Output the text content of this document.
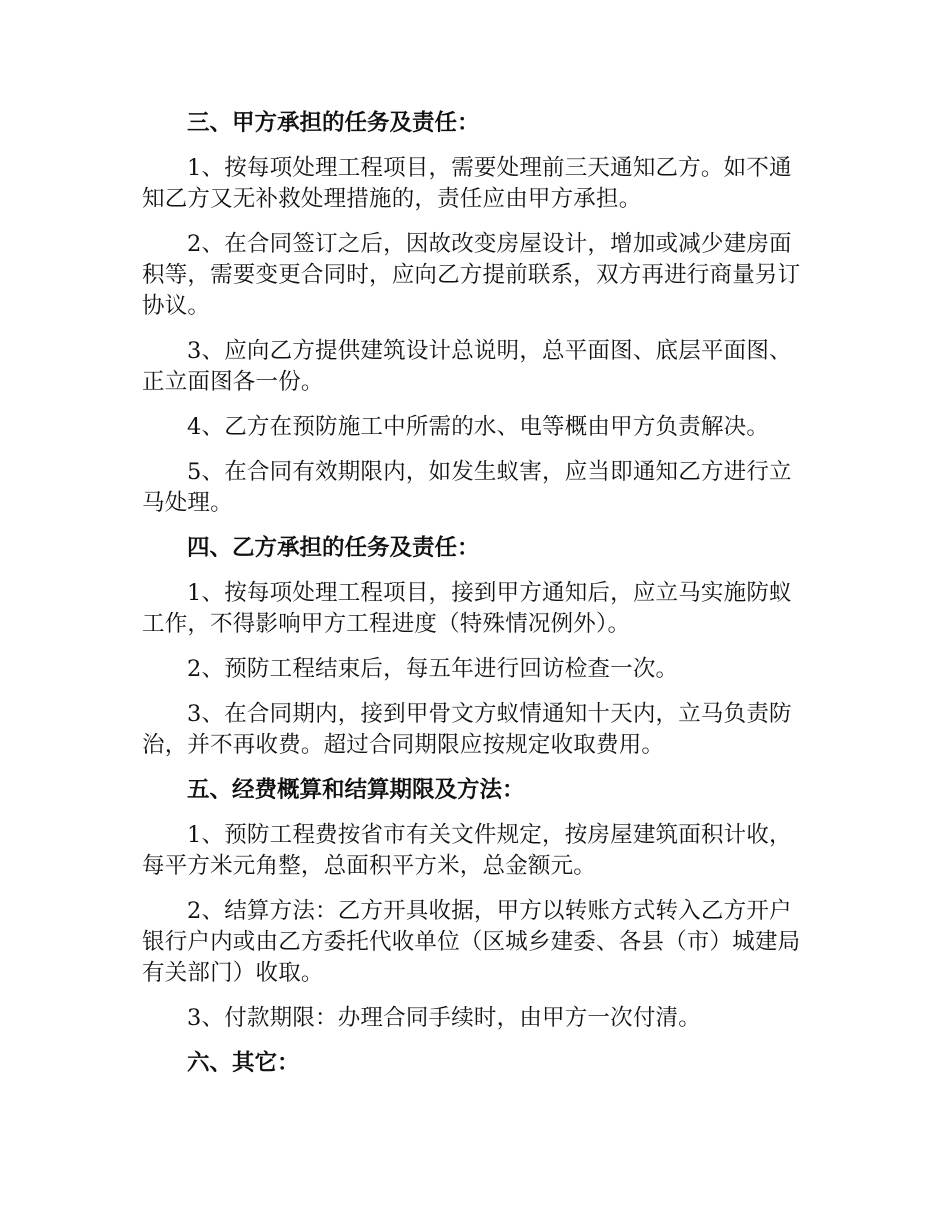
三、甲方承担的任务及责任：
1、按每项处理工程项目，需要处理前三天通知乙方。如不通知乙方又无补救处理措施的，责任应由甲方承担。
2、在合同签订之后，因故改变房屋设计，增加或减少建房面积等，需要变更合同时，应向乙方提前联系，双方再进行商量另订协议。
3、应向乙方提供建筑设计总说明，总平面图、底层平面图、正立面图各一份。
4、乙方在预防施工中所需的水、电等概由甲方负责解决。
5、在合同有效期限内，如发生蚁害，应当即通知乙方进行立马处理。
四、乙方承担的任务及责任：
1、按每项处理工程项目，接到甲方通知后，应立马实施防蚁工作，不得影响甲方工程进度（特殊情况例外）。
2、预防工程结束后，每五年进行回访检查一次。
3、在合同期内，接到甲骨文方蚁情通知十天内，立马负责防治，并不再收费。超过合同期限应按规定收取费用。
五、经费概算和结算期限及方法：
1、预防工程费按省市有关文件规定，按房屋建筑面积计收，每平方米元角整，总面积平方米，总金额元。
2、结算方法：乙方开具收据，甲方以转账方式转入乙方开户银行户内或由乙方委托代收单位（区城乡建委、各县（市）城建局有关部门）收取。
3、付款期限：办理合同手续时，由甲方一次付清。
六、其它：
